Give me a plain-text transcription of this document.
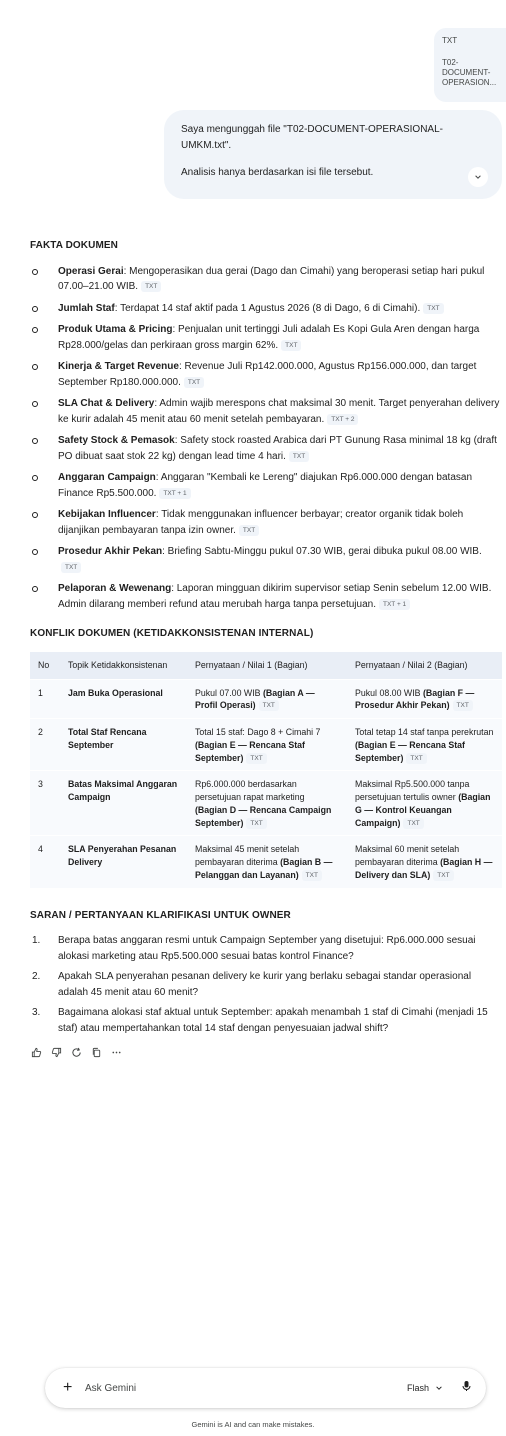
TXT
T02-DOCUMENT-OPERASION...

Saya mengunggah file "T02-DOCUMENT-OPERASIONAL-UMKM.txt".

Analisis hanya berdasarkan isi file tersebut.

FAKTA DOKUMEN
Operasi Gerai: Mengoperasikan dua gerai (Dago dan Cimahi) yang beroperasi setiap hari pukul 07.00–21.00 WIB. TXT
Jumlah Staf: Terdapat 14 staf aktif pada 1 Agustus 2026 (8 di Dago, 6 di Cimahi). TXT
Produk Utama & Pricing: Penjualan unit tertinggi Juli adalah Es Kopi Gula Aren dengan harga Rp28.000/gelas dan perkiraan gross margin 62%. TXT
Kinerja & Target Revenue: Revenue Juli Rp142.000.000, Agustus Rp156.000.000, dan target September Rp180.000.000. TXT
SLA Chat & Delivery: Admin wajib merespons chat maksimal 30 menit. Target penyerahan delivery ke kurir adalah 45 menit atau 60 menit setelah pembayaran. TXT + 2
Safety Stock & Pemasok: Safety stock roasted Arabica dari PT Gunung Rasa minimal 18 kg (draft PO dibuat saat stok 22 kg) dengan lead time 4 hari. TXT
Anggaran Campaign: Anggaran "Kembali ke Lereng" diajukan Rp6.000.000 dengan batasan Finance Rp5.500.000. TXT + 1
Kebijakan Influencer: Tidak menggunakan influencer berbayar; creator organik tidak boleh dijanjikan pembayaran tanpa izin owner. TXT
Prosedur Akhir Pekan: Briefing Sabtu-Minggu pukul 07.30 WIB, gerai dibuka pukul 08.00 WIB.TXT
Pelaporan & Wewenang: Laporan mingguan dikirim supervisor setiap Senin sebelum 12.00 WIB. Admin dilarang memberi refund atau merubah harga tanpa persetujuan. TXT + 1
KONFLIK DOKUMEN (KETIDAKKONSISTENAN INTERNAL)
No	Topik Ketidakkonsistenan	Pernyataan / Nilai 1 (Bagian)	Pernyataan / Nilai 2 (Bagian)
1	Jam Buka Operasional	Pukul 07.00 WIB (Bagian A — Profil Operasi) TXT	Pukul 08.00 WIB (Bagian F — Prosedur Akhir Pekan) TXT
2	Total Staf Rencana September	Total 15 staf: Dago 8 + Cimahi 7 (Bagian E — Rencana Staf September) TXT	Total tetap 14 staf tanpa perekrutan (Bagian E — Rencana Staf September) TXT
3	Batas Maksimal Anggaran Campaign	Rp6.000.000 berdasarkan persetujuan rapat marketing (Bagian D — Rencana Campaign September) TXT	Maksimal Rp5.500.000 tanpa persetujuan tertulis owner (Bagian G — Kontrol Keuangan Campaign) TXT
4	SLA Penyerahan Pesanan Delivery	Maksimal 45 menit setelah pembayaran diterima (Bagian B — Pelanggan dan Layanan) TXT	Maksimal 60 menit setelah pembayaran diterima (Bagian H — Delivery dan SLA) TXT
SARAN / PERTANYAAN KLARIFIKASI UNTUK OWNER
1. Berapa batas anggaran resmi untuk Campaign September yang disetujui: Rp6.000.000 sesuai alokasi marketing atau Rp5.500.000 sesuai batas kontrol Finance?
2. Apakah SLA penyerahan pesanan delivery ke kurir yang berlaku sebagai standar operasional adalah 45 menit atau 60 menit?
3. Bagaimana alokasi staf aktual untuk September: apakah menambah 1 staf di Cimahi (menjadi 15 staf) atau mempertahankan total 14 staf dengan penyesuaian jadwal shift?
+	Ask Gemini	Flash
Gemini is AI and can make mistakes.
